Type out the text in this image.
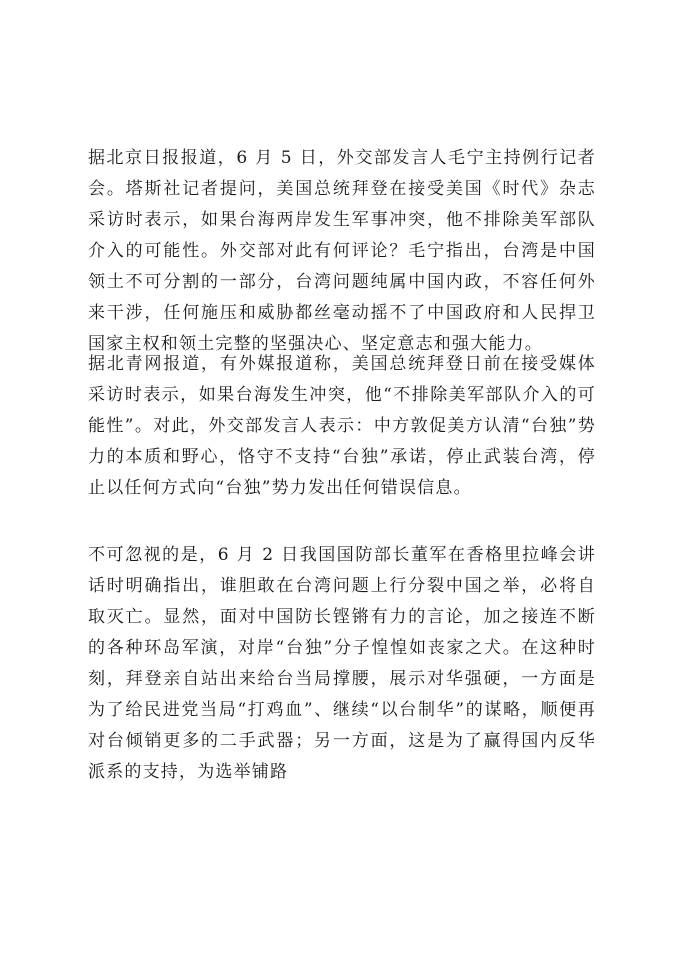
据北京日报报道，6 月 5 日，外交部发言人毛宁主持例行记者会。塔斯社记者提问，美国总统拜登在接受美国《时代》杂志采访时表示，如果台海两岸发生军事冲突，他不排除美军部队介入的可能性。外交部对此有何评论？毛宁指出，台湾是中国领土不可分割的一部分，台湾问题纯属中国内政，不容任何外来干涉，任何施压和威胁都丝毫动摇不了中国政府和人民捍卫国家主权和领土完整的坚强决心、坚定意志和强大能力。

据北青网报道，有外媒报道称，美国总统拜登日前在接受媒体采访时表示，如果台海发生冲突，他“不排除美军部队介入的可能性”。对此，外交部发言人表示：中方敦促美方认清“台独”势力的本质和野心，恪守不支持“台独”承诺，停止武装台湾，停止以任何方式向“台独”势力发出任何错误信息。

不可忽视的是，6 月 2 日我国国防部长董军在香格里拉峰会讲话时明确指出，谁胆敢在台湾问题上行分裂中国之举，必将自取灭亡。显然，面对中国防长铿锵有力的言论，加之接连不断的各种环岛军演，对岸“台独”分子惶惶如丧家之犬。在这种时刻，拜登亲自站出来给台当局撑腰，展示对华强硬，一方面是为了给民进党当局“打鸡血”、继续“以台制华”的谋略，顺便再对台倾销更多的二手武器；另一方面，这是为了赢得国内反华派系的支持，为选举铺路
